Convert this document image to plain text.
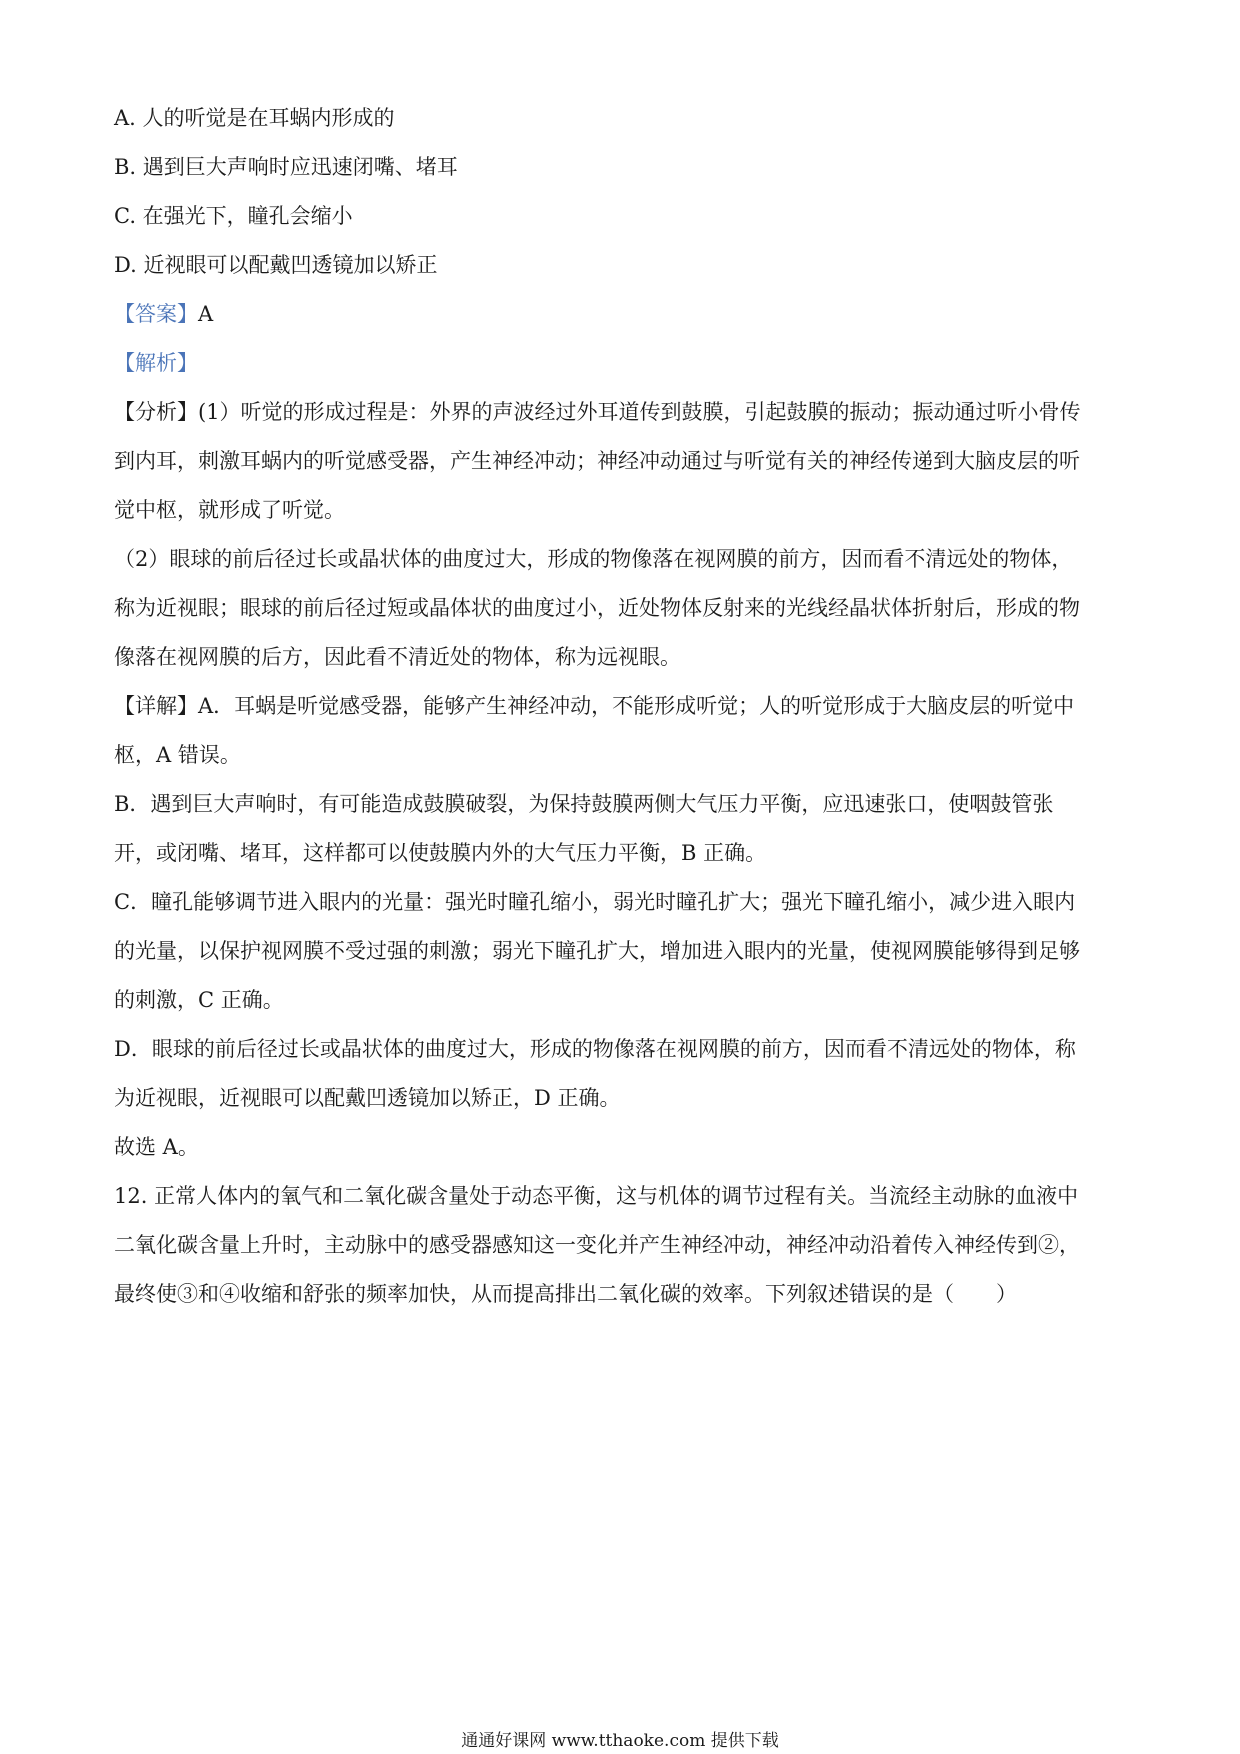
A. 人的听觉是在耳蜗内形成的
B. 遇到巨大声响时应迅速闭嘴、堵耳
C. 在强光下，瞳孔会缩小
D. 近视眼可以配戴凹透镜加以矫正
【答案】A
【解析】
【分析】(1）听觉的形成过程是：外界的声波经过外耳道传到鼓膜，引起鼓膜的振动；振动通过听小骨传
到内耳，刺激耳蜗内的听觉感受器，产生神经冲动；神经冲动通过与听觉有关的神经传递到大脑皮层的听
觉中枢，就形成了听觉。
（2）眼球的前后径过长或晶状体的曲度过大，形成的物像落在视网膜的前方，因而看不清远处的物体，
称为近视眼；眼球的前后径过短或晶体状的曲度过小，近处物体反射来的光线经晶状体折射后，形成的物
像落在视网膜的后方，因此看不清近处的物体，称为远视眼。
【详解】A．耳蜗是听觉感受器，能够产生神经冲动，不能形成听觉；人的听觉形成于大脑皮层的听觉中
枢，A 错误。
B．遇到巨大声响时，有可能造成鼓膜破裂，为保持鼓膜两侧大气压力平衡，应迅速张口，使咽鼓管张
开，或闭嘴、堵耳，这样都可以使鼓膜内外的大气压力平衡，B 正确。
C．瞳孔能够调节进入眼内的光量：强光时瞳孔缩小，弱光时瞳孔扩大；强光下瞳孔缩小，减少进入眼内
的光量，以保护视网膜不受过强的刺激；弱光下瞳孔扩大，增加进入眼内的光量，使视网膜能够得到足够
的刺激，C 正确。
D．眼球的前后径过长或晶状体的曲度过大，形成的物像落在视网膜的前方，因而看不清远处的物体，称
为近视眼，近视眼可以配戴凹透镜加以矫正，D 正确。
故选 A。
12. 正常人体内的氧气和二氧化碳含量处于动态平衡，这与机体的调节过程有关。当流经主动脉的血液中
二氧化碳含量上升时，主动脉中的感受器感知这一变化并产生神经冲动，神经冲动沿着传入神经传到②，
最终使③和④收缩和舒张的频率加快，从而提高排出二氧化碳的效率。下列叙述错误的是（　　）
通通好课网 www.tthaoke.com 提供下载
